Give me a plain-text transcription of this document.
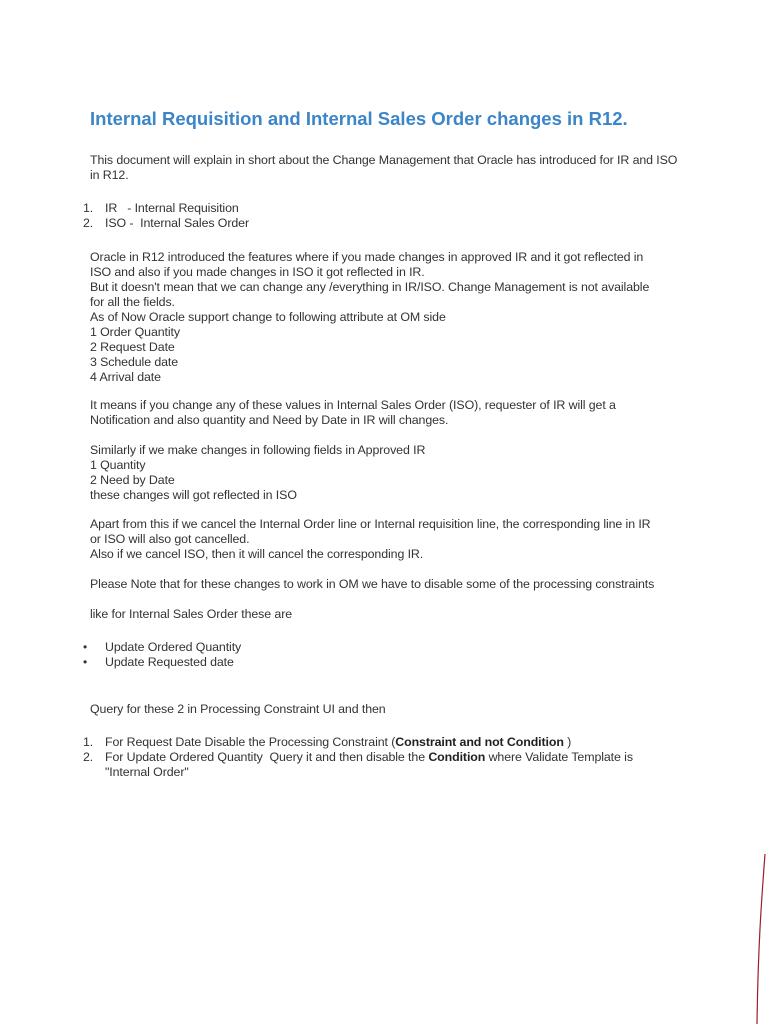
Internal Requisition and Internal Sales Order changes in R12.

This document will explain in short about the Change Management that Oracle has introduced for IR and ISO in R12.

1. IR   - Internal Requisition
2. ISO -  Internal Sales Order

Oracle in R12 introduced the features where if you made changes in approved IR and it got reflected in

ISO and also if you made changes in ISO it got reflected in IR.

But it doesn't mean that we can change any /everything in IR/ISO. Change Management is not available

for all the fields.

As of Now Oracle support change to following attribute at OM side

1 Order Quantity

2 Request Date

3 Schedule date

4 Arrival date

It means if you change any of these values in Internal Sales Order (ISO), requester of IR will get a

Notification and also quantity and Need by Date in IR will changes.

Similarly if we make changes in following fields in Approved IR

1 Quantity

2 Need by Date

these changes will got reflected in ISO

Apart from this if we cancel the Internal Order line or Internal requisition line, the corresponding line in IR

or ISO will also got cancelled.

Also if we cancel ISO, then it will cancel the corresponding IR.

Please Note that for these changes to work in OM we have to disable some of the processing constraints

like for Internal Sales Order these are

• Update Ordered Quantity
• Update Requested date

Query for these 2 in Processing Constraint UI and then

1. For Request Date Disable the Processing Constraint (Constraint and not Condition )
2. For Update Ordered Quantity  Query it and then disable the Condition where Validate Template is
"Internal Order"
